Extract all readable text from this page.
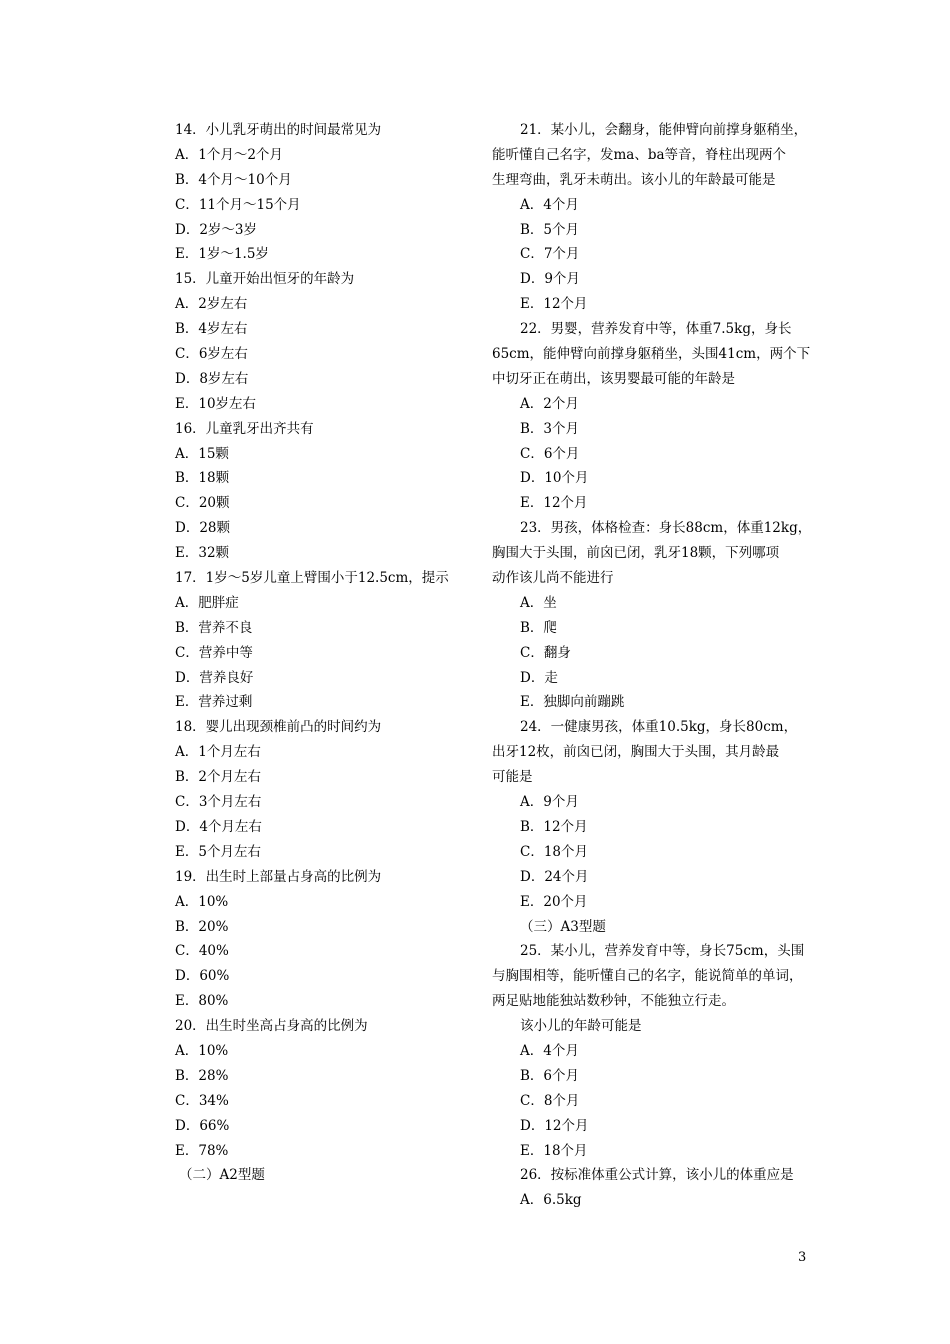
14．小儿乳牙萌出的时间最常见为
A．1个月～2个月
B．4个月～10个月
C．11个月～15个月
D．2岁～3岁
E．1岁～1.5岁
15．儿童开始出恒牙的年龄为
A．2岁左右
B．4岁左右
C．6岁左右
D．8岁左右
E．10岁左右
16．儿童乳牙出齐共有
A．15颗
B．18颗
C．20颗
D．28颗
E．32颗
17．1岁～5岁儿童上臂围小于12.5cm，提示
A．肥胖症
B．营养不良
C．营养中等
D．营养良好
E．营养过剩
18．婴儿出现颈椎前凸的时间约为
A．1个月左右
B．2个月左右
C．3个月左右
D．4个月左右
E．5个月左右
19．出生时上部量占身高的比例为
A．10%
B．20%
C．40%
D．60%
E．80%
20．出生时坐高占身高的比例为
A．10%
B．28%
C．34%
D．66%
E．78%
（二）A2型题
21．某小儿，会翻身，能伸臂向前撑身躯稍坐，
能听懂自己名字，发ma、ba等音，脊柱出现两个
生理弯曲，乳牙未萌出。该小儿的年龄最可能是
A．4个月
B．5个月
C．7个月
D．9个月
E．12个月
22．男婴，营养发育中等，体重7.5kg，身长
65cm，能伸臂向前撑身躯稍坐，头围41cm，两个下
中切牙正在萌出，该男婴最可能的年龄是
A．2个月
B．3个月
C．6个月
D．10个月
E．12个月
23．男孩，体格检查：身长88cm，体重12kg，
胸围大于头围，前囟已闭，乳牙18颗，下列哪项
动作该儿尚不能进行
A．坐
B．爬
C．翻身
D．走
E．独脚向前蹦跳
24．一健康男孩，体重10.5kg，身长80cm，
出牙12枚，前囟已闭，胸围大于头围，其月龄最
可能是
A．9个月
B．12个月
C．18个月
D．24个月
E．20个月
（三）A3型题
25．某小儿，营养发育中等，身长75cm，头围
与胸围相等，能听懂自己的名字，能说简单的单词，
两足贴地能独站数秒钟，不能独立行走。
该小儿的年龄可能是
A．4个月
B．6个月
C．8个月
D．12个月
E．18个月
26．按标准体重公式计算，该小儿的体重应是
A．6.5kg
3
